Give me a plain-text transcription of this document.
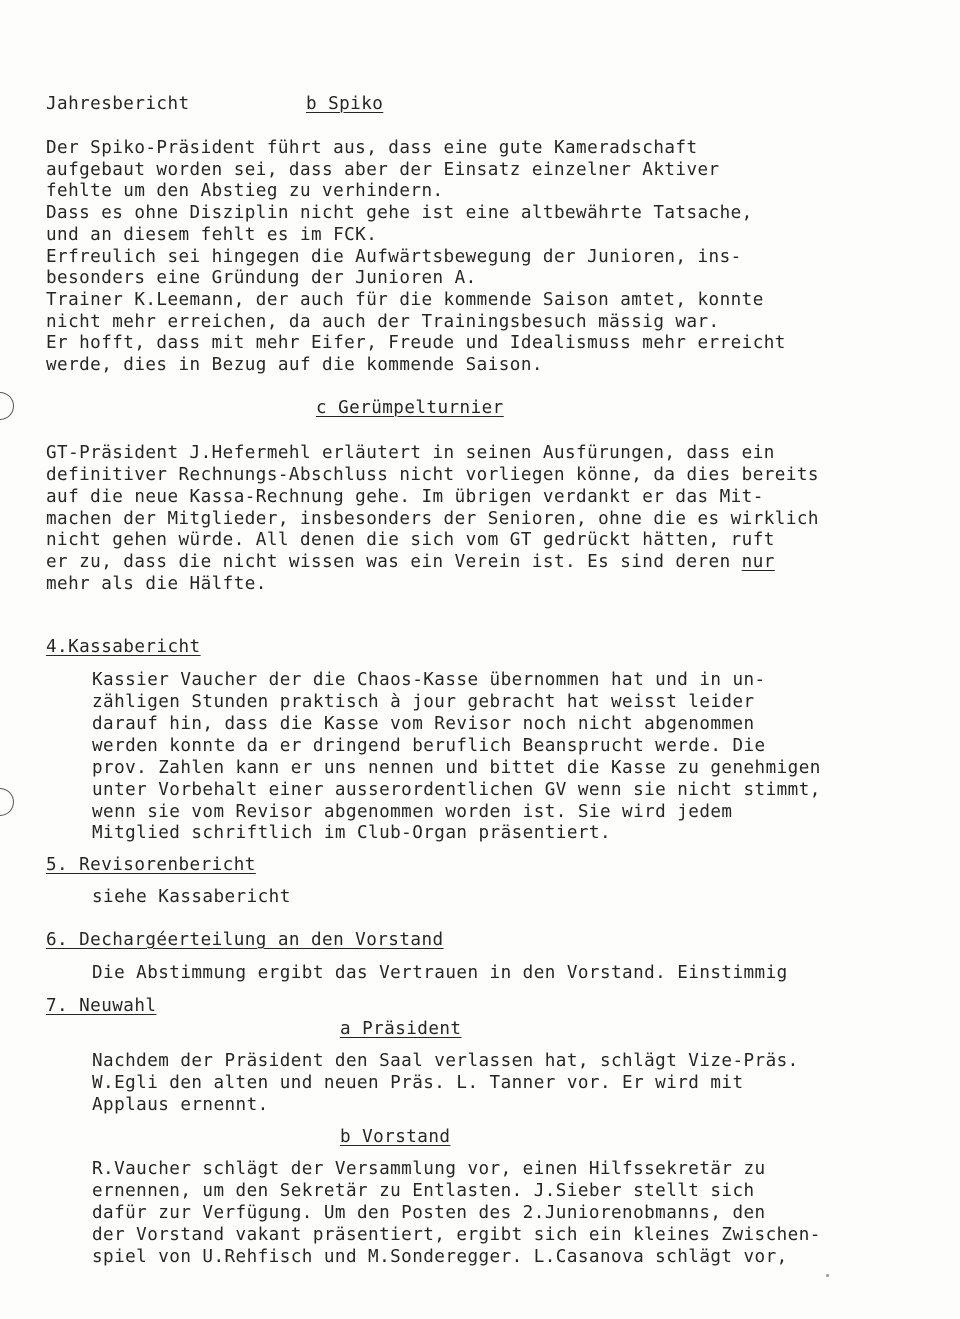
Jahresbericht	b Spiko
Der Spiko-Präsident führt aus, dass eine gute Kameradschaft
aufgebaut worden sei, dass aber der Einsatz einzelner Aktiver
fehlte um den Abstieg zu verhindern.
Dass es ohne Disziplin nicht gehe ist eine altbewährte Tatsache,
und an diesem fehlt es im FCK.
Erfreulich sei hingegen die Aufwärtsbewegung der Junioren, ins-
besonders eine Gründung der Junioren A.
Trainer K.Leemann, der auch für die kommende Saison amtet, konnte
nicht mehr erreichen, da auch der Trainingsbesuch mässig war.
Er hofft, dass mit mehr Eifer, Freude und Idealismuss mehr erreicht
werde, dies in Bezug auf die kommende Saison.
c Gerümpelturnier
GT-Präsident J.Hefermehl erläutert in seinen Ausfürungen, dass ein
definitiver Rechnungs-Abschluss nicht vorliegen könne, da dies bereits
auf die neue Kassa-Rechnung gehe. Im übrigen verdankt er das Mit-
machen der Mitglieder, insbesonders der Senioren, ohne die es wirklich
nicht gehen würde. All denen die sich vom GT gedrückt hätten, ruft
er zu, dass die nicht wissen was ein Verein ist. Es sind deren nur
mehr als die Hälfte.
4.Kassabericht
Kassier Vaucher der die Chaos-Kasse übernommen hat und in un-
zähligen Stunden praktisch à jour gebracht hat weisst leider
darauf hin, dass die Kasse vom Revisor noch nicht abgenommen
werden konnte da er dringend beruflich Beansprucht werde. Die
prov. Zahlen kann er uns nennen und bittet die Kasse zu genehmigen
unter Vorbehalt einer ausserordentlichen GV wenn sie nicht stimmt,
wenn sie vom Revisor abgenommen worden ist. Sie wird jedem
Mitglied schriftlich im Club-Organ präsentiert.
5. Revisorenbericht
siehe Kassabericht
6. Dechargéerteilung an den Vorstand
Die Abstimmung ergibt das Vertrauen in den Vorstand. Einstimmig
7. Neuwahl
a Präsident
Nachdem der Präsident den Saal verlassen hat, schlägt Vize-Präs.
W.Egli den alten und neuen Präs. L. Tanner vor. Er wird mit
Applaus ernennt.
b Vorstand
R.Vaucher schlägt der Versammlung vor, einen Hilfssekretär zu
ernennen, um den Sekretär zu Entlasten. J.Sieber stellt sich
dafür zur Verfügung. Um den Posten des 2.Juniorenobmanns, den
der Vorstand vakant präsentiert, ergibt sich ein kleines Zwischen-
spiel von U.Rehfisch und M.Sonderegger. L.Casanova schlägt vor,
